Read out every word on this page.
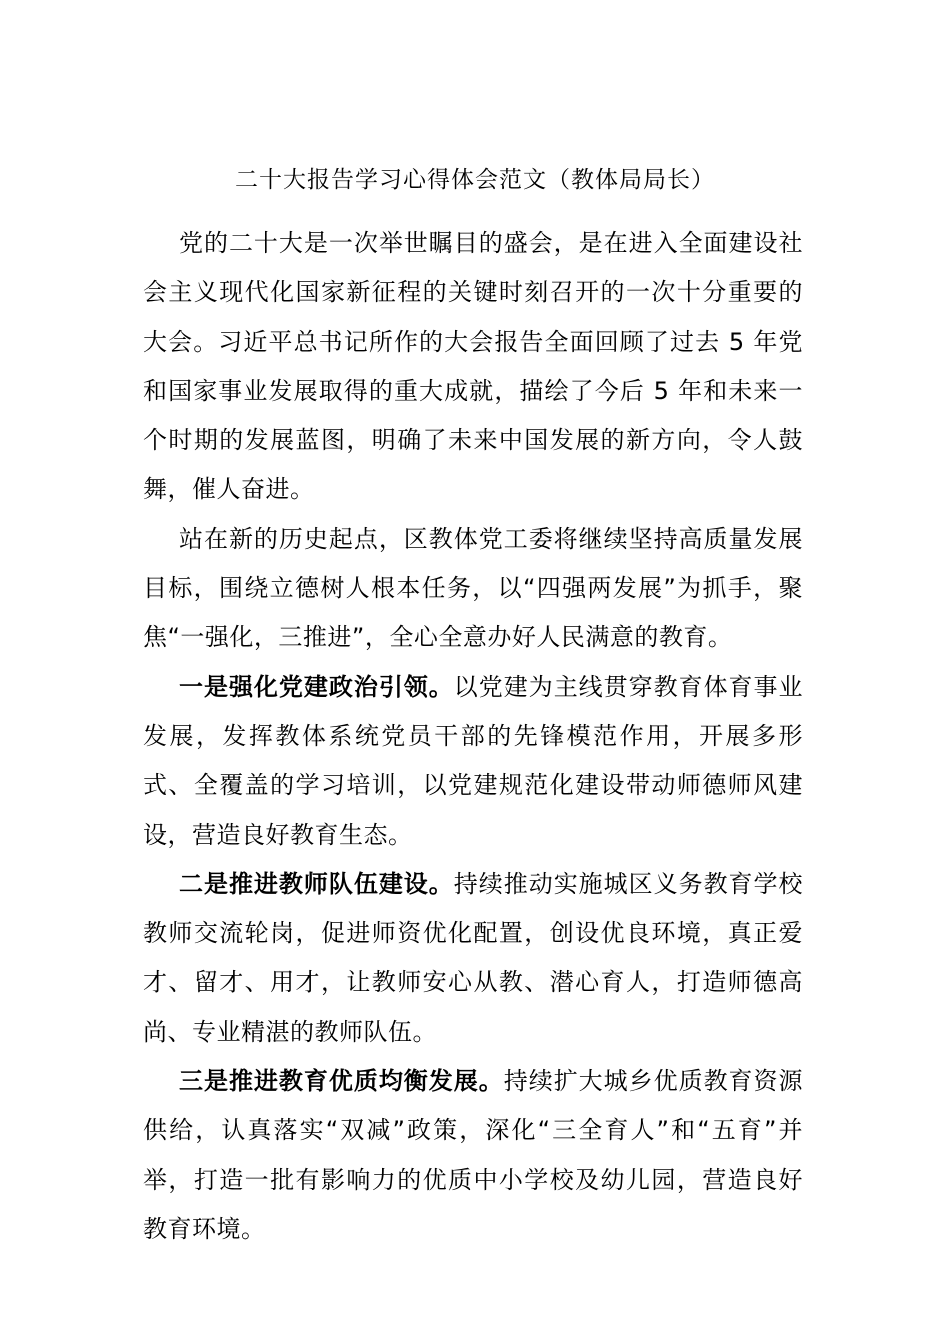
二十大报告学习心得体会范文（教体局局长）

党的二十大是一次举世瞩目的盛会，是在进入全面建设社会主义现代化国家新征程的关键时刻召开的一次十分重要的大会。习近平总书记所作的大会报告全面回顾了过去 5 年党和国家事业发展取得的重大成就，描绘了今后 5 年和未来一个时期的发展蓝图，明确了未来中国发展的新方向，令人鼓舞，催人奋进。

站在新的历史起点，区教体党工委将继续坚持高质量发展目标，围绕立德树人根本任务，以“四强两发展”为抓手，聚焦“一强化，三推进”，全心全意办好人民满意的教育。

一是强化党建政治引领。以党建为主线贯穿教育体育事业发展，发挥教体系统党员干部的先锋模范作用，开展多形式、全覆盖的学习培训，以党建规范化建设带动师德师风建设，营造良好教育生态。

二是推进教师队伍建设。持续推动实施城区义务教育学校教师交流轮岗，促进师资优化配置，创设优良环境，真正爱才、留才、用才，让教师安心从教、潜心育人，打造师德高尚、专业精湛的教师队伍。

三是推进教育优质均衡发展。持续扩大城乡优质教育资源供给，认真落实“双减”政策，深化“三全育人”和“五育”并举，打造一批有影响力的优质中小学校及幼儿园，营造良好教育环境。
